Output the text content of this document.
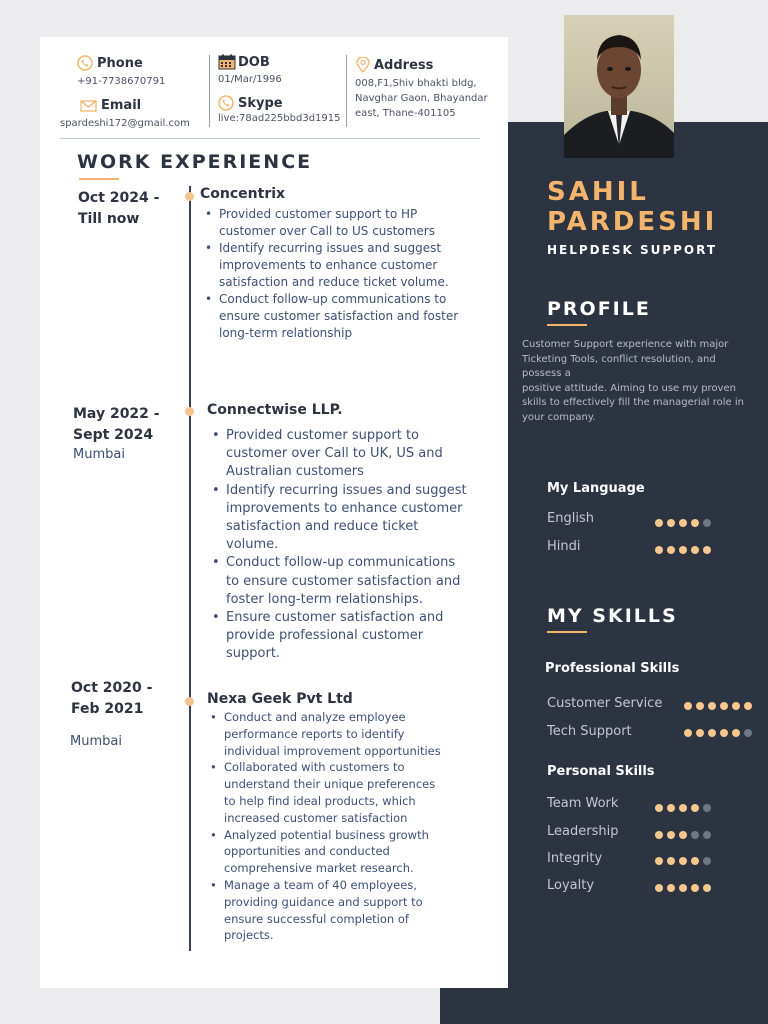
Phone
+91-7738670791
Email
spardeshi172@gmail.com
DOB
01/Mar/1996
Skype
live:78ad225bbd3d1915
Address
008,F1,Shiv bhakti bldg,
Navghar Gaon, Bhayandar
east, Thane-401105
WORK EXPERIENCE
Oct 2024 -
Till now
Concentrix
• Provided customer support to HP customer over Call to US customers
• Identify recurring issues and suggest improvements to enhance customer satisfaction and reduce ticket volume.
• Conduct follow-up communications to ensure customer satisfaction and foster long-term relationship
May 2022 -
Sept 2024
Mumbai
Connectwise LLP.
• Provided customer support to customer over Call to UK, US and Australian customers
• Identify recurring issues and suggest improvements to enhance customer satisfaction and reduce ticket volume.
• Conduct follow-up communications to ensure customer satisfaction and foster long-term relationships.
• Ensure customer satisfaction and provide professional customer support.
Oct 2020 -
Feb 2021
Mumbai
Nexa Geek Pvt Ltd
• Conduct and analyze employee performance reports to identify individual improvement opportunities
• Collaborated with customers to understand their unique preferences to help find ideal products, which increased customer satisfaction
• Analyzed potential business growth opportunities and conducted comprehensive market research.
• Manage a team of 40 employees, providing guidance and support to ensure successful completion of projects.
SAHIL
PARDESHI
HELPDESK SUPPORT
PROFILE
Customer Support experience with major
Ticketing Tools, conflict resolution, and
possess a
positive attitude. Aiming to use my proven
skills to effectively fill the managerial role in
your company.
My Language
English
Hindi
MY SKILLS
Professional Skills
Customer Service
Tech Support
Personal Skills
Team Work
Leadership
Integrity
Loyalty
